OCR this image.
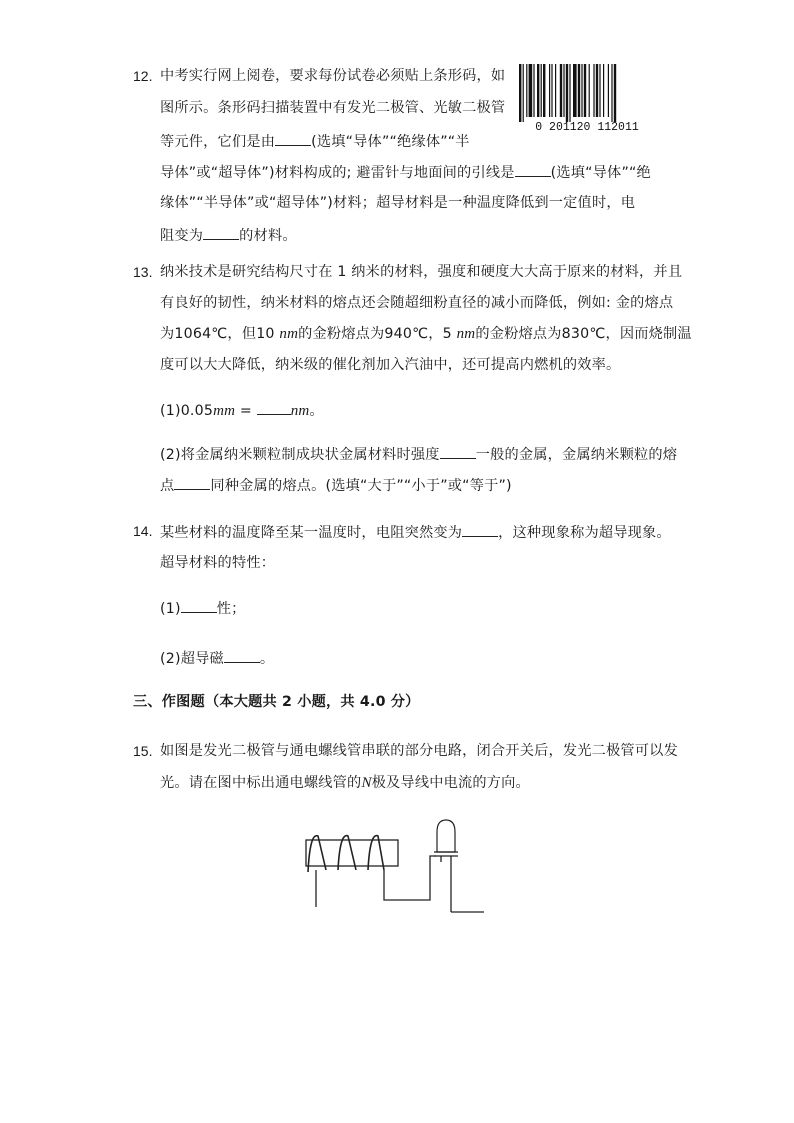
12. 中考实行网上阅卷，要求每份试卷必须贴上条形码，如
图所示。条形码扫描装置中有发光二极管、光敏二极管
等元件，它们是由	(选填“导体”“绝缘体”“半
导体”或“超导体”)材料构成的; 避雷针与地面间的引线是	(选填“导体”“绝
缘体”“半导体”或“超导体”)材料；超导材料是一种温度降低到一定值时，电
阻变为	的材料。
0 201120 112011
13. 纳米技术是研究结构尺寸在 1 纳米的材料，强度和硬度大大高于原来的材料，并且
有良好的韧性，纳米材料的熔点还会随超细粉直径的减小而降低，例如: 金的熔点
为1064℃，但10 nm的金粉熔点为940℃，5 nm的金粉熔点为830℃，因而烧制温
度可以大大降低，纳米级的催化剂加入汽油中，还可提高内燃机的效率。
(1)0.05mm = nm。
(2)将金属纳米颗粒制成块状金属材料时强度	一般的金属，金属纳米颗粒的熔
点	同种金属的熔点。(选填“大于”“小于”或“等于”)
14. 某些材料的温度降至某一温度时，电阻突然变为	，这种现象称为超导现象。
超导材料的特性：
(1)	性；
(2)超导磁	。
三、作图题（本大题共 2 小题，共 4.0 分）
15. 如图是发光二极管与通电螺线管串联的部分电路，闭合开关后，发光二极管可以发
光。请在图中标出通电螺线管的N极及导线中电流的方向。
